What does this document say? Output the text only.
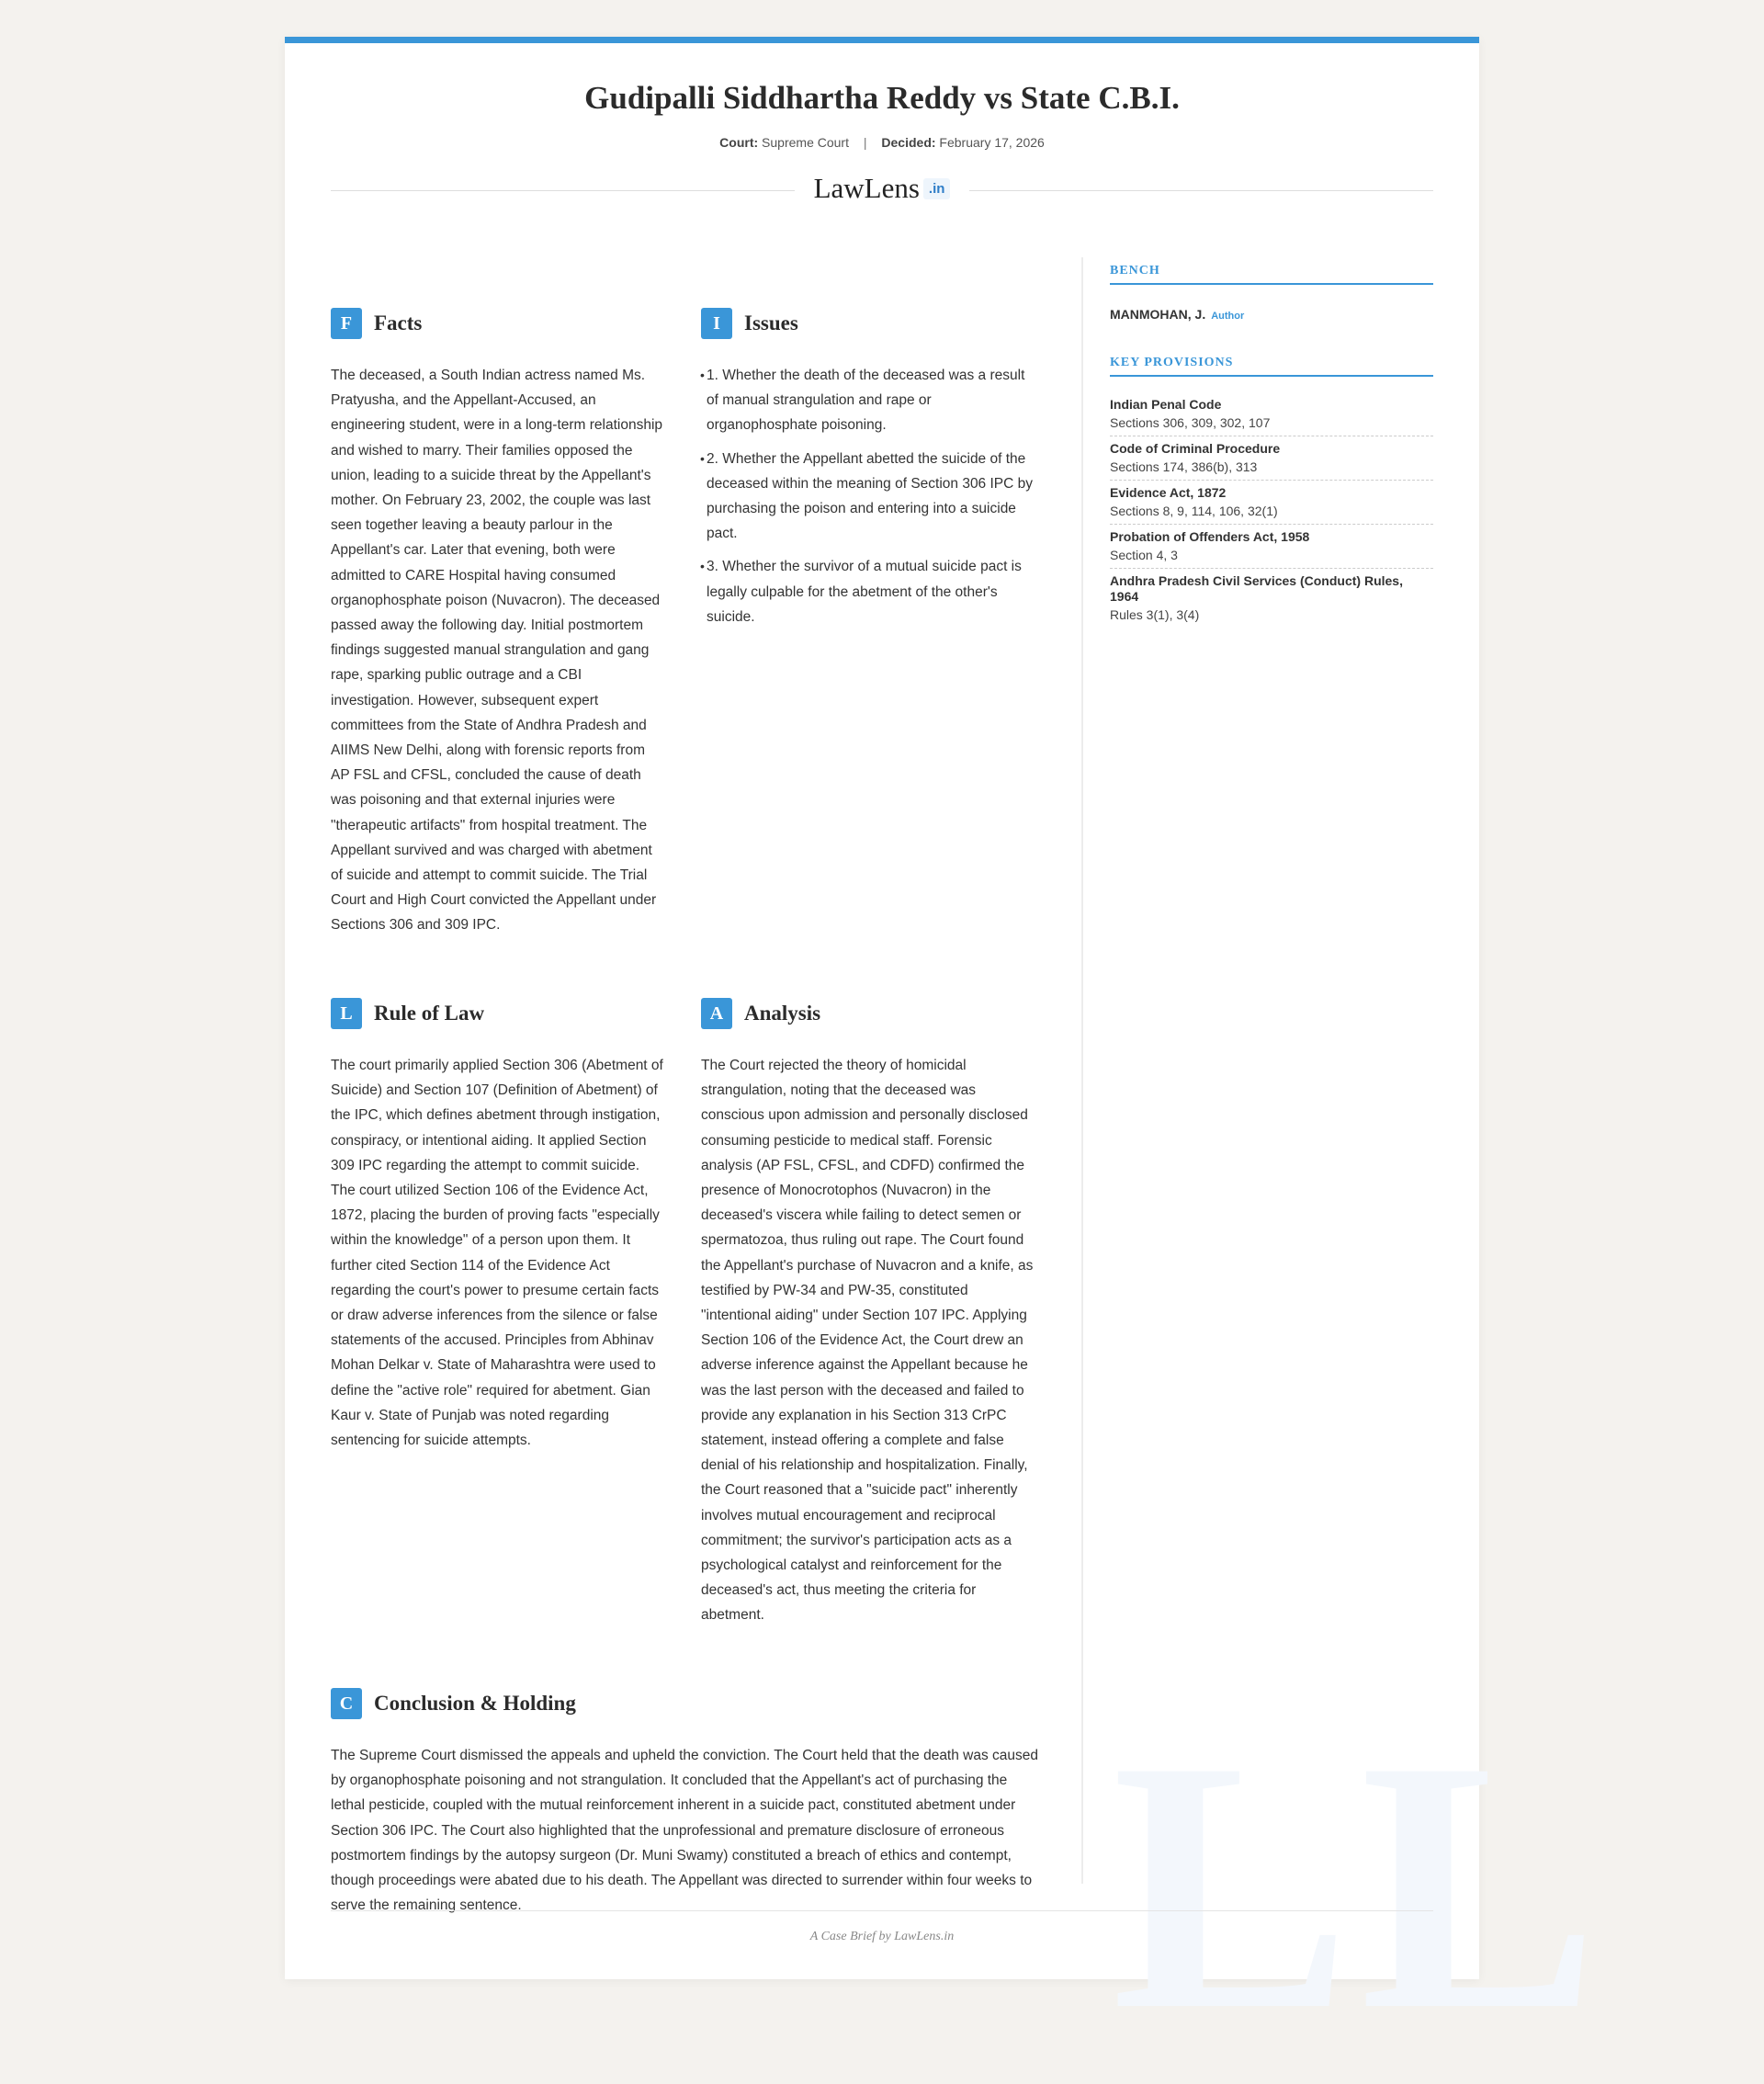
Gudipalli Siddhartha Reddy vs State C.B.I.
Court: Supreme Court | Decided: February 17, 2026
LawLens .in
LL
F	Facts

The deceased, a South Indian actress named Ms. Pratyusha, and the Appellant-Accused, an engineering student, were in a long-term relationship and wished to marry. Their families opposed the union, leading to a suicide threat by the Appellant's mother. On February 23, 2002, the couple was last seen together leaving a beauty parlour in the Appellant's car. Later that evening, both were admitted to CARE Hospital having consumed organophosphate poison (Nuvacron). The deceased passed away the following day. Initial postmortem findings suggested manual strangulation and gang rape, sparking public outrage and a CBI investigation. However, subsequent expert committees from the State of Andhra Pradesh and AIIMS New Delhi, along with forensic reports from AP FSL and CFSL, concluded the cause of death was poisoning and that external injuries were "therapeutic artifacts" from hospital treatment. The Appellant survived and was charged with abetment of suicide and attempt to commit suicide. The Trial Court and High Court convicted the Appellant under Sections 306 and 309 IPC.

I	Issues
• 1. Whether the death of the deceased was a result of manual strangulation and rape or organophosphate poisoning.
• 2. Whether the Appellant abetted the suicide of the deceased within the meaning of Section 306 IPC by purchasing the poison and entering into a suicide pact.
• 3. Whether the survivor of a mutual suicide pact is legally culpable for the abetment of the other's suicide.
L	Rule of Law

The court primarily applied Section 306 (Abetment of Suicide) and Section 107 (Definition of Abetment) of the IPC, which defines abetment through instigation, conspiracy, or intentional aiding. It applied Section 309 IPC regarding the attempt to commit suicide. The court utilized Section 106 of the Evidence Act, 1872, placing the burden of proving facts "especially within the knowledge" of a person upon them. It further cited Section 114 of the Evidence Act regarding the court's power to presume certain facts or draw adverse inferences from the silence or false statements of the accused. Principles from Abhinav Mohan Delkar v. State of Maharashtra were used to define the "active role" required for abetment. Gian Kaur v. State of Punjab was noted regarding sentencing for suicide attempts.

A Analysis

The Court rejected the theory of homicidal strangulation, noting that the deceased was conscious upon admission and personally disclosed consuming pesticide to medical staff. Forensic analysis (AP FSL, CFSL, and CDFD) confirmed the presence of Monocrotophos (Nuvacron) in the deceased's viscera while failing to detect semen or spermatozoa, thus ruling out rape. The Court found the Appellant's purchase of Nuvacron and a knife, as testified by PW-34 and PW-35, constituted "intentional aiding" under Section 107 IPC. Applying Section 106 of the Evidence Act, the Court drew an adverse inference against the Appellant because he was the last person with the deceased and failed to provide any explanation in his Section 313 CrPC statement, instead offering a complete and false denial of his relationship and hospitalization. Finally, the Court reasoned that a "suicide pact" inherently involves mutual encouragement and reciprocal commitment; the survivor's participation acts as a psychological catalyst and reinforcement for the deceased's act, thus meeting the criteria for abetment.

C Conclusion & Holding

The Supreme Court dismissed the appeals and upheld the conviction. The Court held that the death was caused by organophosphate poisoning and not strangulation. It concluded that the Appellant's act of purchasing the lethal pesticide, coupled with the mutual reinforcement inherent in a suicide pact, constituted abetment under Section 306 IPC. The Court also highlighted that the unprofessional and premature disclosure of erroneous postmortem findings by the autopsy surgeon (Dr. Muni Swamy) constituted a breach of ethics and contempt, though proceedings were abated due to his death. The Appellant was directed to surrender within four weeks to serve the remaining sentence.

BENCH
MANMOHAN, J. Author
KEY PROVISIONS
Indian Penal Code
Sections 306, 309, 302, 107
Code of Criminal Procedure
Sections 174, 386(b), 313
Evidence Act, 1872
Sections 8, 9, 114, 106, 32(1)
Probation of Offenders Act, 1958
Section 4, 3
Andhra Pradesh Civil Services (Conduct) Rules, 1964
Rules 3(1), 3(4)
A Case Brief by LawLens.in
